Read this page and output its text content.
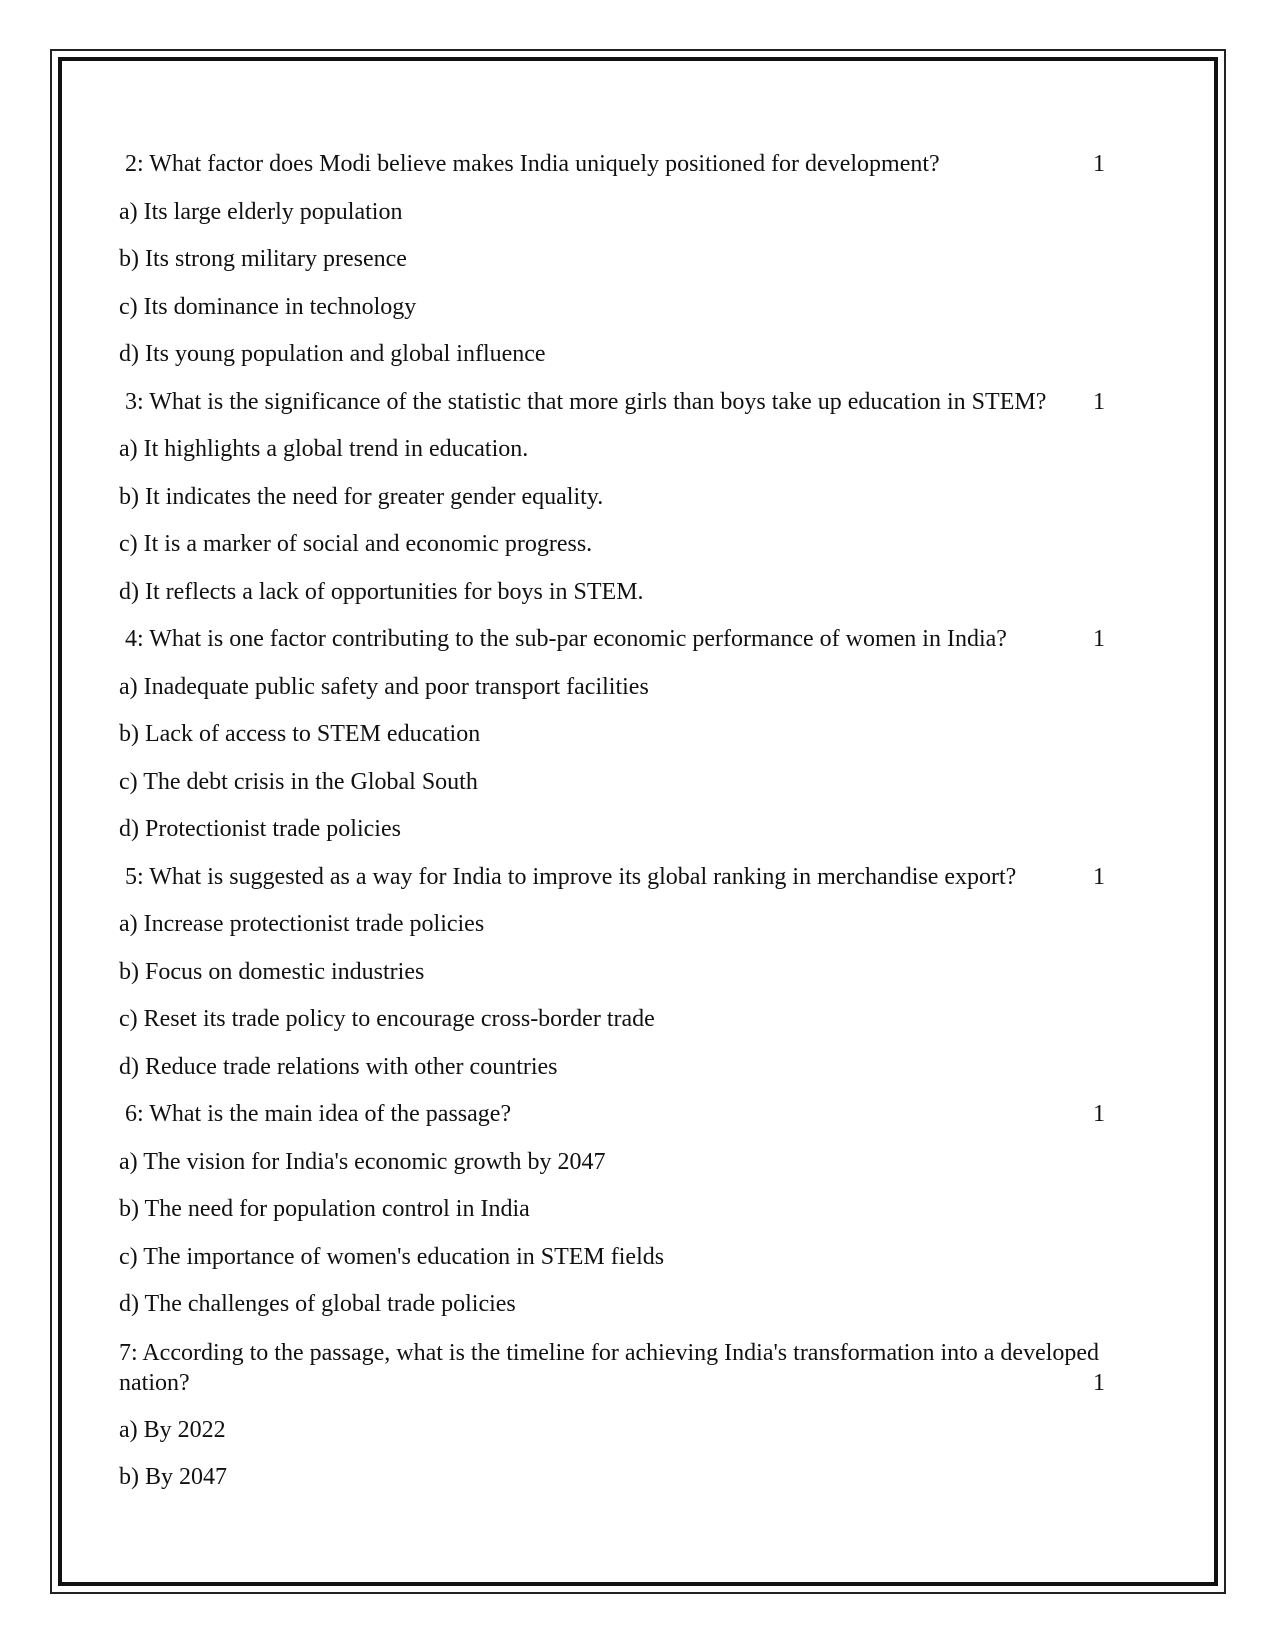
2: What factor does Modi believe makes India uniquely positioned for development?	1
a) Its large elderly population
b) Its strong military presence
c) Its dominance in technology
d) Its young population and global influence
3: What is the significance of the statistic that more girls than boys take up education in STEM? 1
a) It highlights a global trend in education.
b) It indicates the need for greater gender equality.
c) It is a marker of social and economic progress.
d) It reflects a lack of opportunities for boys in STEM.
4: What is one factor contributing to the sub-par economic performance of women in India?	1
a) Inadequate public safety and poor transport facilities
b) Lack of access to STEM education
c) The debt crisis in the Global South
d) Protectionist trade policies
5: What is suggested as a way for India to improve its global ranking in merchandise export?	1
a) Increase protectionist trade policies
b) Focus on domestic industries
c) Reset its trade policy to encourage cross-border trade
d) Reduce trade relations with other countries
6: What is the main idea of the passage?	1
a) The vision for India's economic growth by 2047
b) The need for population control in India
c) The importance of women's education in STEM fields
d) The challenges of global trade policies
7: According to the passage, what is the timeline for achieving India's transformation into a developed
nation?	1
a) By 2022
b) By 2047
